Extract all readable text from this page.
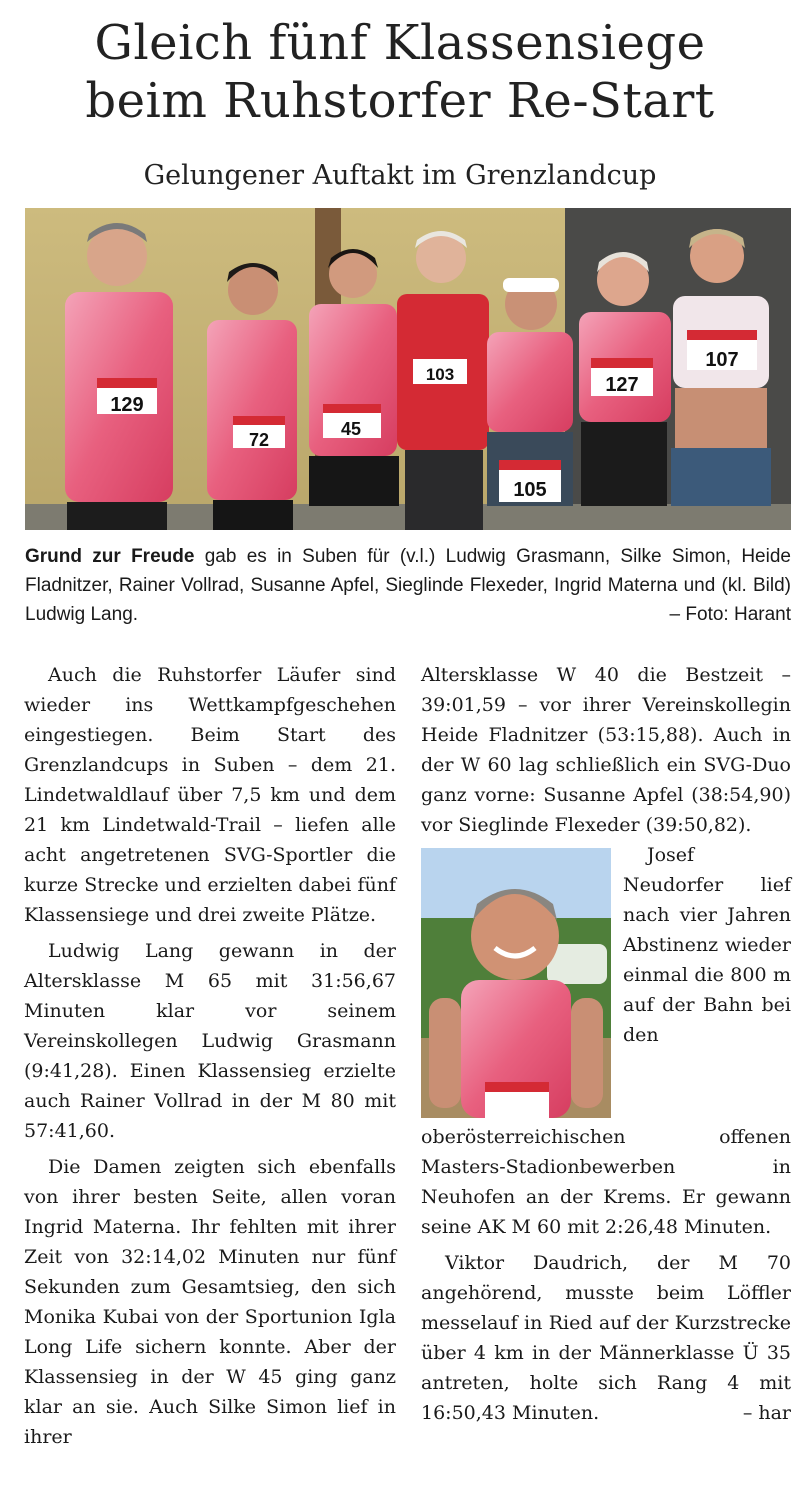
Gleich fünf Klassensiege
beim Ruhstorfer Re-Start
Gelungener Auftakt im Grenzlandcup
129
72
45
103
105
127
107
Grund zur Freude gab es in Suben für (v.l.) Ludwig Grasmann, Silke Simon, Heide Fladnitzer, Rainer Vollrad, Susanne Apfel, Sieglinde Flexeder, Ingrid Materna und (kl. Bild) Ludwig Lang.	– Foto: Harant

Auch die Ruhstorfer Läufer sind wieder ins Wettkampfgeschehen eingestiegen. Beim Start des Grenzlandcups in Suben – dem 21. Lindetwaldlauf über 7,5 km und dem 21 km Lindetwald-Trail – liefen alle acht angetretenen SVG-Sportler die kurze Strecke und erzielten dabei fünf Klassensiege und drei zweite Plätze.

Ludwig Lang gewann in der Altersklasse M 65 mit 31:56,67 Minuten klar vor seinem Vereinskollegen Ludwig Grasmann (9:41,28). Einen Klassensieg erzielte auch Rainer Vollrad in der M 80 mit 57:41,60.

Die Damen zeigten sich ebenfalls von ihrer besten Seite, allen voran Ingrid Materna. Ihr fehlten mit ihrer Zeit von 32:14,02 Minuten nur fünf Sekunden zum Gesamtsieg, den sich Monika Kubai von der Sportunion Igla Long Life sichern konnte. Aber der Klassensieg in der W 45 ging ganz klar an sie. Auch Silke Simon lief in ihrer

Altersklasse W 40 die Bestzeit – 39:01,59 – vor ihrer Vereinskollegin Heide Fladnitzer (53:15,88). Auch in der W 60 lag schließlich ein SVG-Duo ganz vorne: Susanne Apfel (38:54,90) vor Sieglinde Flexeder (39:50,82).

Josef Neudorfer lief nach vier Jahren Abstinenz wieder einmal die 800 m auf der Bahn bei den oberösterreichischen offenen Masters-Stadionbewerben in Neuhofen an der Krems. Er gewann seine AK M 60 mit 2:26,48 Minuten.

Viktor Daudrich, der M 70 angehörend, musste beim Löffler messelauf in Ried auf der Kurzstrecke über 4 km in der Männerklasse Ü 35 antreten, holte sich Rang 4 mit 16:50,43 Minuten.	– har
